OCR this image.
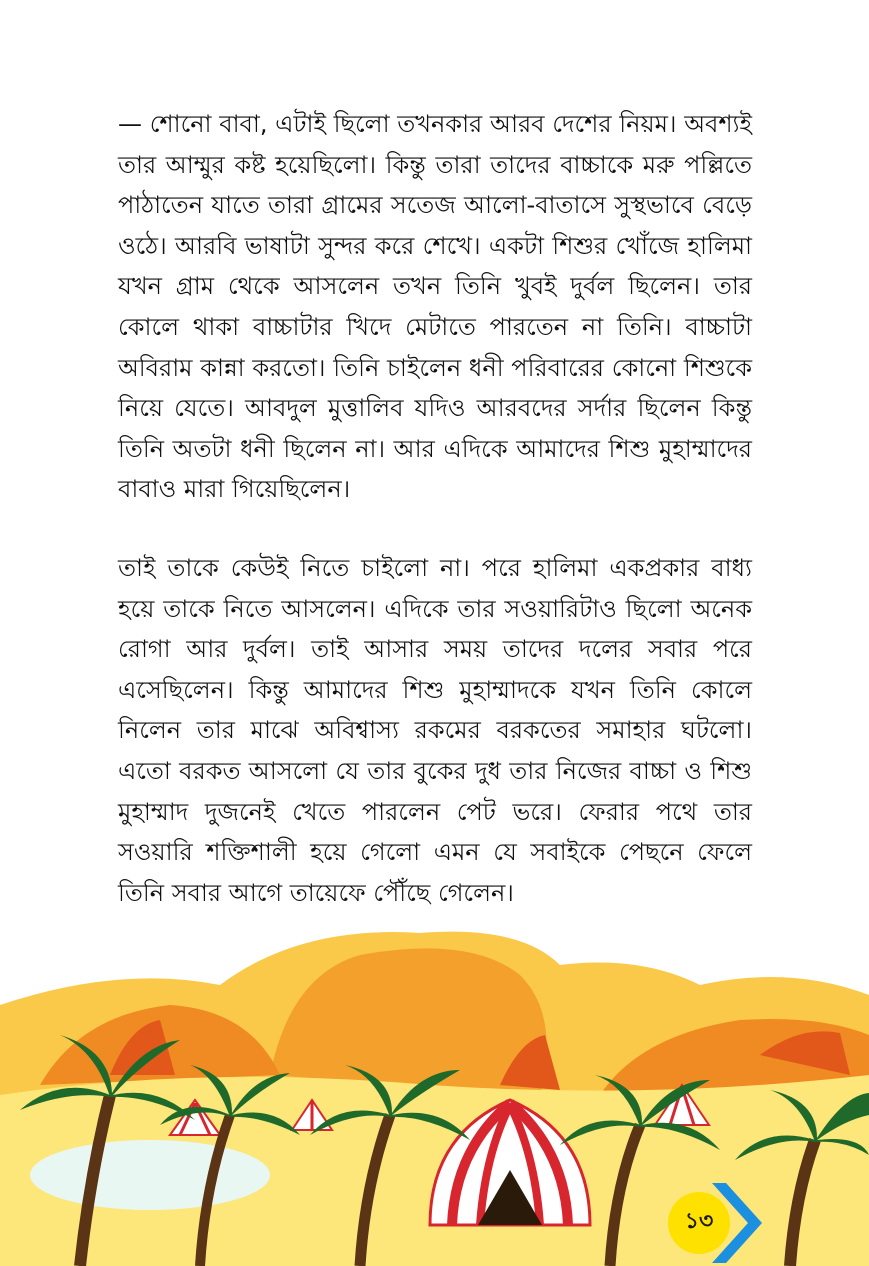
— শোনো বাবা, এটাই ছিলো তখনকার আরব দেশের নিয়ম। অবশ্যই তার আম্মুর কষ্ট হয়েছিলো। কিন্তু তারা তাদের বাচ্চাকে মরু পল্লিতে পাঠাতেন যাতে তারা গ্রামের সতেজ আলো-বাতাসে সুস্থভাবে বেড়ে ওঠে। আরবি ভাষাটা সুন্দর করে শেখে। একটা শিশুর খোঁজে হালিমা যখন গ্রাম থেকে আসলেন তখন তিনি খুবই দুর্বল ছিলেন। তার কোলে থাকা বাচ্চাটার খিদে মেটাতে পারতেন না তিনি। বাচ্চাটা অবিরাম কান্না করতো। তিনি চাইলেন ধনী পরিবারের কোনো শিশুকে নিয়ে যেতে। আবদুল মুত্তালিব যদিও আরবদের সর্দার ছিলেন কিন্তু তিনি অতটা ধনী ছিলেন না। আর এদিকে আমাদের শিশু মুহাম্মাদের বাবাও মারা গিয়েছিলেন।
তাই তাকে কেউই নিতে চাইলো না। পরে হালিমা একপ্রকার বাধ্য হয়ে তাকে নিতে আসলেন। এদিকে তার সওয়ারিটাও ছিলো অনেক রোগা আর দুর্বল। তাই আসার সময় তাদের দলের সবার পরে এসেছিলেন। কিন্তু আমাদের শিশু মুহাম্মাদকে যখন তিনি কোলে নিলেন তার মাঝে অবিশ্বাস্য রকমের বরকতের সমাহার ঘটলো। এতো বরকত আসলো যে তার বুকের দুধ তার নিজের বাচ্চা ও শিশু মুহাম্মাদ দুজনেই খেতে পারলেন পেট ভরে। ফেরার পথে তার সওয়ারি শক্তিশালী হয়ে গেলো এমন যে সবাইকে পেছনে ফেলে তিনি সবার আগে তায়েফে পৌঁছে গেলেন।
১৩
